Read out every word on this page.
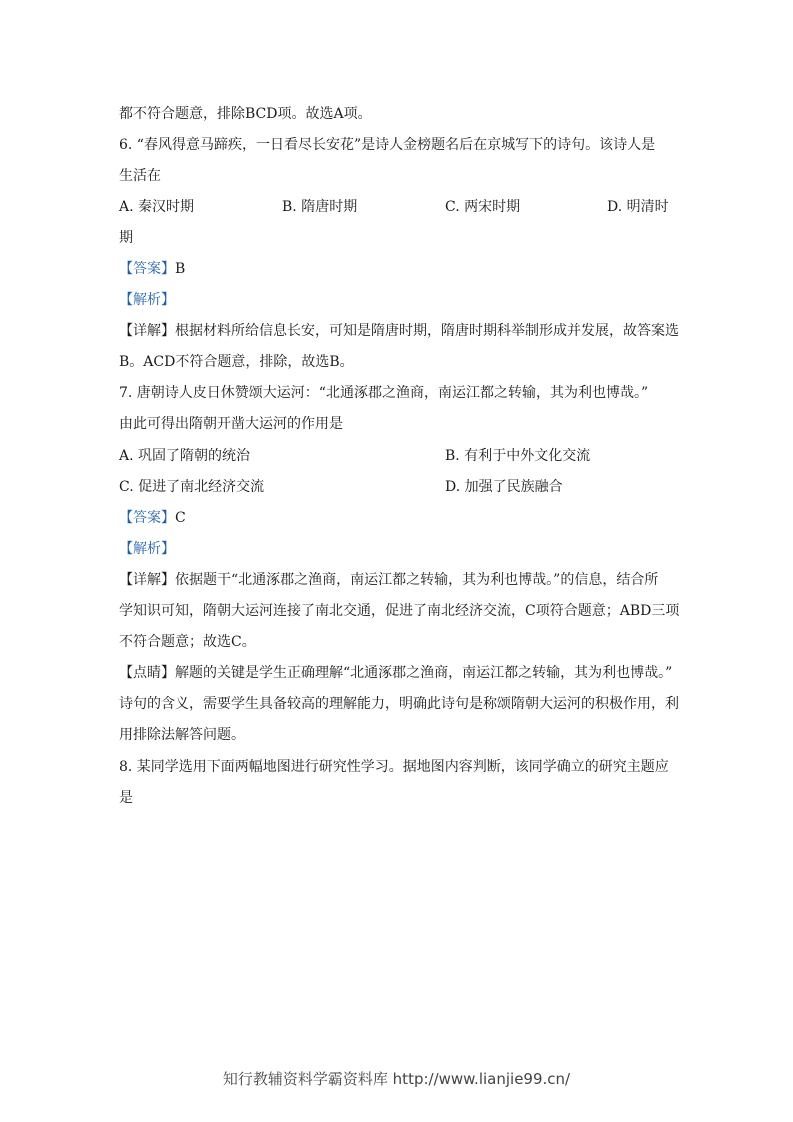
都不符合题意，排除BCD项。故选A项。
6. “春风得意马蹄疾，一日看尽长安花”是诗人金榜题名后在京城写下的诗句。该诗人是
生活在
A. 秦汉时期	B. 隋唐时期	C. 两宋时期	D. 明清时
期
【答案】B
【解析】
【详解】根据材料所给信息长安，可知是隋唐时期，隋唐时期科举制形成并发展，故答案选
B。ACD不符合题意，排除，故选B。
7. 唐朝诗人皮日休赞颂大运河：“北通涿郡之渔商，南运江都之转输，其为利也博哉。”
由此可得出隋朝开凿大运河的作用是
A. 巩固了隋朝的统治	B. 有利于中外文化交流
C. 促进了南北经济交流	D. 加强了民族融合
【答案】C
【解析】
【详解】依据题干“北通涿郡之渔商，南运江都之转输，其为利也博哉。”的信息，结合所
学知识可知，隋朝大运河连接了南北交通，促进了南北经济交流，C项符合题意；ABD三项
不符合题意；故选C。
【点睛】解题的关键是学生正确理解“北通涿郡之渔商，南运江都之转输，其为利也博哉。”
诗句的含义，需要学生具备较高的理解能力，明确此诗句是称颂隋朝大运河的积极作用，利
用排除法解答问题。
8. 某同学选用下面两幅地图进行研究性学习。据地图内容判断，该同学确立的研究主题应
是
知行教辅资料学霸资料库 http://www.lianjie99.cn/
